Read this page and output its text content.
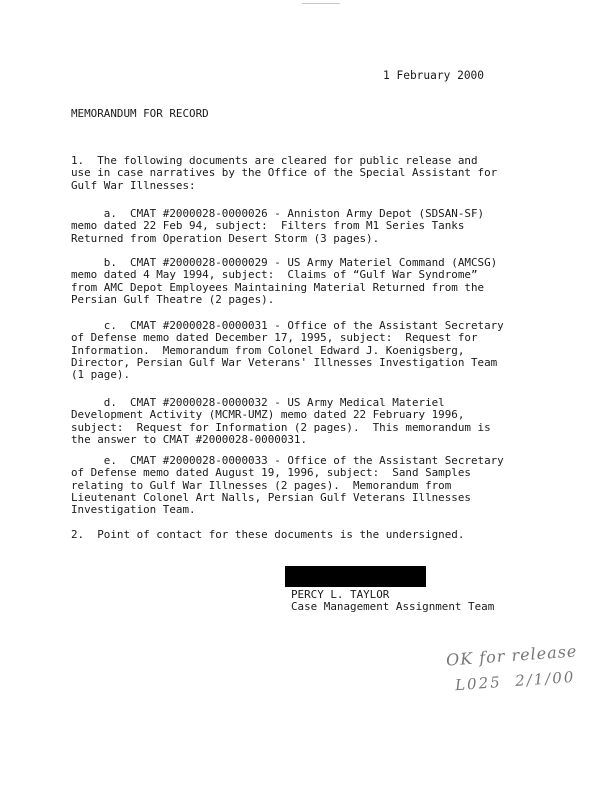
1 February 2000
MEMORANDUM FOR RECORD
1.  The following documents are cleared for public release and
use in case narratives by the Office of the Special Assistant for
Gulf War Illnesses:
a.  CMAT #2000028-0000026 - Anniston Army Depot (SDSAN-SF)
memo dated 22 Feb 94, subject:  Filters from M1 Series Tanks
Returned from Operation Desert Storm (3 pages).
b.  CMAT #2000028-0000029 - US Army Materiel Command (AMCSG)
memo dated 4 May 1994, subject:  Claims of “Gulf War Syndrome”
from AMC Depot Employees Maintaining Material Returned from the
Persian Gulf Theatre (2 pages).
c.  CMAT #2000028-0000031 - Office of the Assistant Secretary
of Defense memo dated December 17, 1995, subject:  Request for
Information.  Memorandum from Colonel Edward J. Koenigsberg,
Director, Persian Gulf War Veterans' Illnesses Investigation Team
(1 page).
d.  CMAT #2000028-0000032 - US Army Medical Materiel
Development Activity (MCMR-UMZ) memo dated 22 February 1996,
subject:  Request for Information (2 pages).  This memorandum is
the answer to CMAT #2000028-0000031.
e.  CMAT #2000028-0000033 - Office of the Assistant Secretary
of Defense memo dated August 19, 1996, subject:  Sand Samples
relating to Gulf War Illnesses (2 pages).  Memorandum from
Lieutenant Colonel Art Nalls, Persian Gulf Veterans Illnesses
Investigation Team.
2.  Point of contact for these documents is the undersigned.
PERCY L. TAYLOR
Case Management Assignment Team
OK for release
L025  2/1/00
